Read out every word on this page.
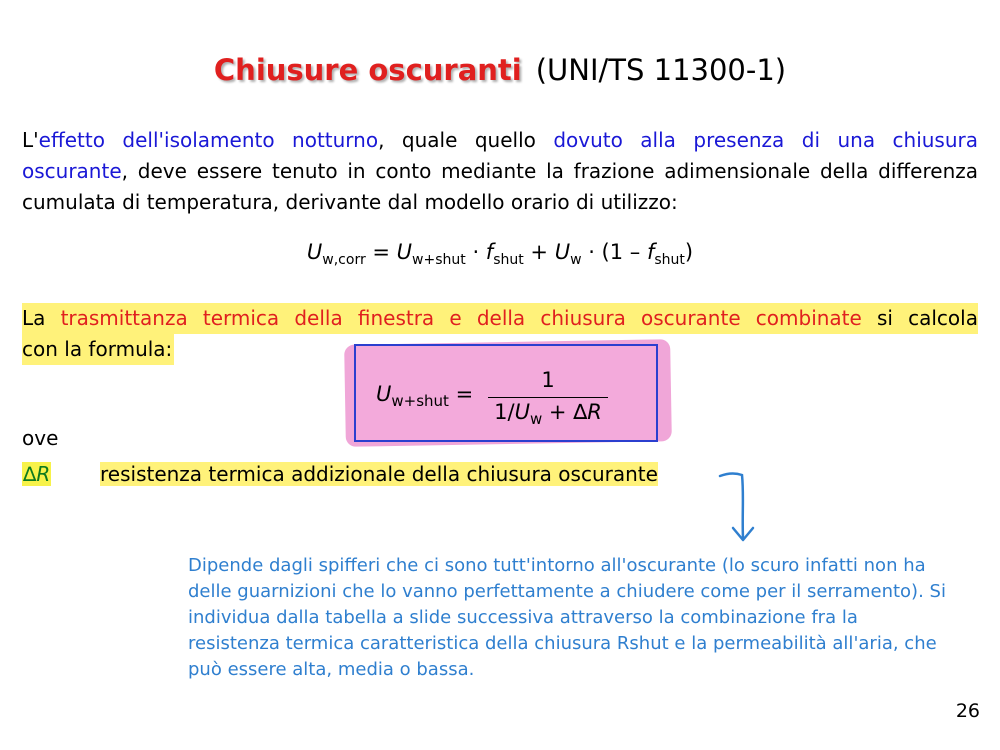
Chiusure oscuranti (UNI/TS 11300-1)
L'effetto dell'isolamento notturno, quale quello dovuto alla presenza di una chiusura oscurante, deve essere tenuto in conto mediante la frazione adimensionale della differenza cumulata di temperatura, derivante dal modello orario di utilizzo:
$U_{w,corr} = U_{w+shut} \cdot f_{shut} + U_w \cdot (1 - f_{shut})$
La trasmittanza termica della finestra e della chiusura oscurante combinate si calcola
con la formula:
$U_{w+shut}$ =
1
$1/U_w + \Delta R$
ove
∆R resistenza termica addizionale della chiusura oscurante
Dipende dagli spifferi che ci sono tutt'intorno all'oscurante (lo scuro infatti non ha delle guarnizioni che lo vanno perfettamente a chiudere come per il serramento). Si individua dalla tabella a slide successiva attraverso la combinazione fra la resistenza termica caratteristica della chiusura Rshut e la permeabilità all'aria, che può essere alta, media o bassa.
26
